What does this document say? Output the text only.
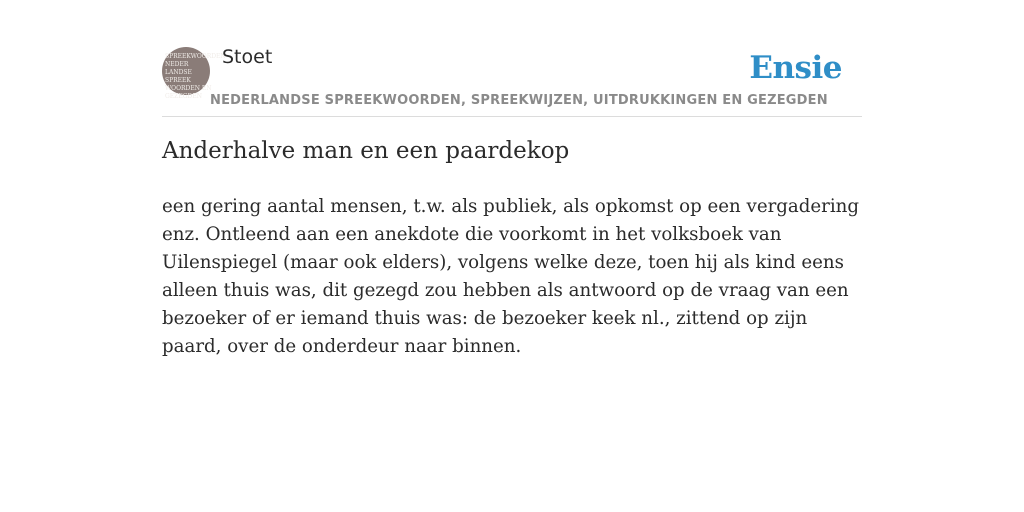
SPREEKWOORDEN
NEDER
LANDSE
SPREEK
WOORDEN EN
GEZEGDEN
Stoet
NEDERLANDSE SPREEKWOORDEN, SPREEKWIJZEN, UITDRUKKINGEN EN GEZEGDEN
Ensie
Anderhalve man en een paardekop

een gering aantal mensen, t.w. als publiek, als opkomst op een vergadering enz. Ontleend aan een anekdote die voorkomt in het volksboek van Uilenspiegel (maar ook elders), volgens welke deze, toen hij als kind eens alleen thuis was, dit gezegd zou hebben als antwoord op de vraag van een bezoeker of er iemand thuis was: de bezoeker keek nl., zittend op zijn paard, over de onderdeur naar binnen.
